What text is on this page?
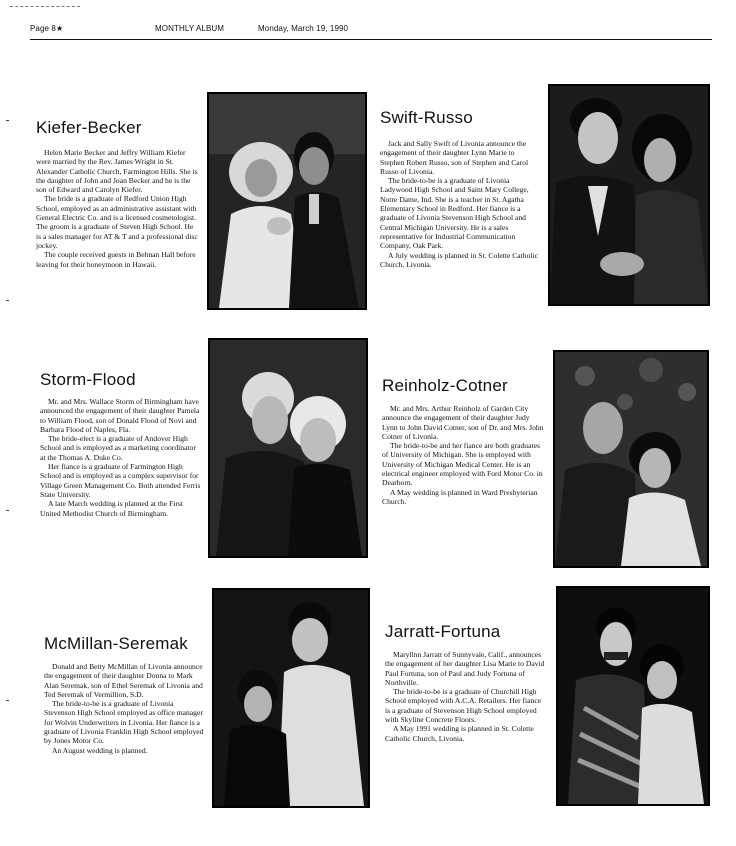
Page 8★	MONTHLY ALBUM	Monday, March 19, 1990
Kiefer-Becker

Helen Marie Becker and Jeffry William Kiefer were married by the Rev. James Wright in St. Alexander Catholic Church, Farmington Hills. She is the daughter of John and Joan Becker and he is the son of Edward and Carolyn Kiefer.

The bride is a graduate of Redford Union High School, employed as an administrative assistant with General Electric Co. and is a licensed cosmetologist. The groom is a graduate of Steven High School. He is a sales manager for AT & T and a professional disc jockey.

The couple received guests in Behnan Hall before leaving for their honeymoon in Hawaii.

Swift-Russo

Jack and Sally Swift of Livonia announce the engagement of their daughter Lynn Marie to Stephen Robert Russo, son of Stephen and Carol Russo of Livonia.

The bride-to-be is a graduate of Livonia Ladywood High School and Saint Mary College, Notre Dame, Ind. She is a teacher in St. Agatha Elementary School in Redford. Her fiance is a graduate of Livonia Stevenson High School and Central Michigan University. He is a sales representative for Industrial Communication Company, Oak Park.

A July wedding is planned in St. Colette Catholic Church, Livonia.

Storm-Flood

Mr. and Mrs. Wallace Storm of Birmingham have announced the engagement of their daughter Pamela to William Flood, son of Donald Flood of Novi and Barbara Flood of Naples, Fla.

The bride-elect is a graduate of Andover High School and is employed as a marketing coordinator at the Thomas A. Duke Co.

Her fiance is a graduate of Farmington High School and is employed as a complex supervisor for Village Green Management Co. Both attended Ferris State University.

A late March wedding is planned at the First United Methodist Church of Birmingham.

Reinholz-Cotner

Mr. and Mrs. Arthur Reinholz of Garden City announce the engagement of their daughter Judy Lynn to John David Cotner, son of Dr. and Mrs. John Cotner of Livonia.

The bride-to-be and her fiance are both graduates of University of Michigan. She is employed with University of Michigan Medical Center. He is an electrical engineer employed with Ford Motor Co. in Dearborn.

A May wedding is planned in Ward Presbyterian Church.

McMillan-Seremak

Donald and Betty McMillan of Livonia announce the engagement of their daughter Donna to Mark Alan Seremak, son of Ethel Seremak of Livonia and Ted Seremak of Vermillion, S.D.

The bride-to-be is a graduate of Livonia Stevenson High School employed as office manager for Wolvin Underwriters in Livonia. Her fiance is a graduate of Livonia Franklin High School employed by Jones Motor Co.

An August wedding is planned.

Jarratt-Fortuna

Maryllnn Jarratt of Sunnyvale, Calif., announces the engagement of her daughter Lisa Marie to David Paul Fortuna, son of Paul and Judy Fortuna of Northville.

The bride-to-be is a graduate of Churchill High School employed with A.C.A. Retailers. Her fiance is a graduate of Stevenson High School employed with Skyline Concrete Floors.

A May 1991 wedding is planned in St. Colette Catholic Church, Livonia.
